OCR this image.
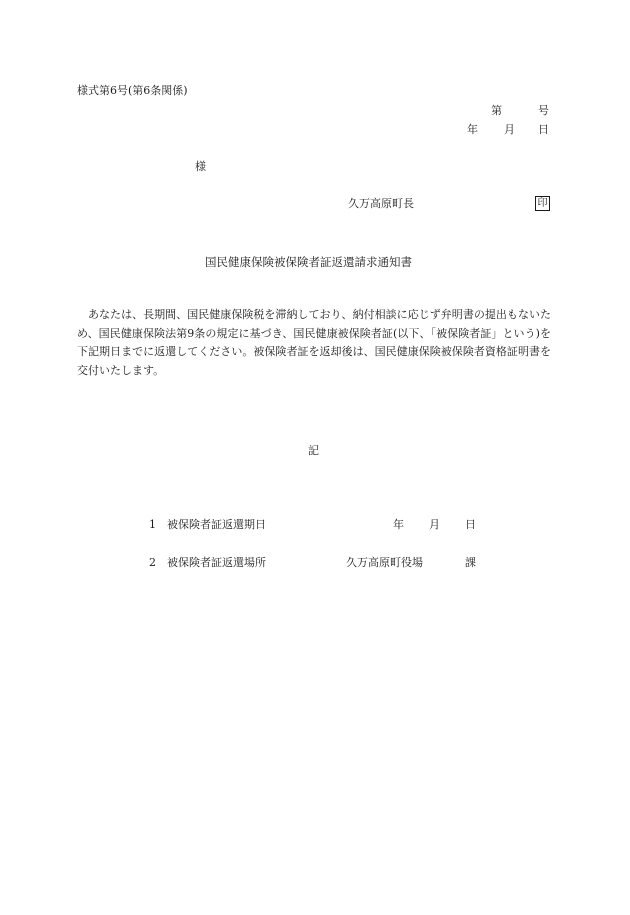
様式第6号(第6条関係)
第	号
年 月 日
様
久万高原町長	印
国民健康保険被保険者証返還請求通知書

あなたは、長期間、国民健康保険税を滞納しており、納付相談に応じず弁明書の提出もないため、国民健康保険法第9条の規定に基づき、国民健康被保険者証(以下、「被保険者証」という)を下記期日までに返還してください。被保険者証を返却後は、国民健康保険被保険者資格証明書を交付いたします。

記
1 被保険者証返還期日	年 月 日
2 被保険者証返還場所	久万高原町役場	課
